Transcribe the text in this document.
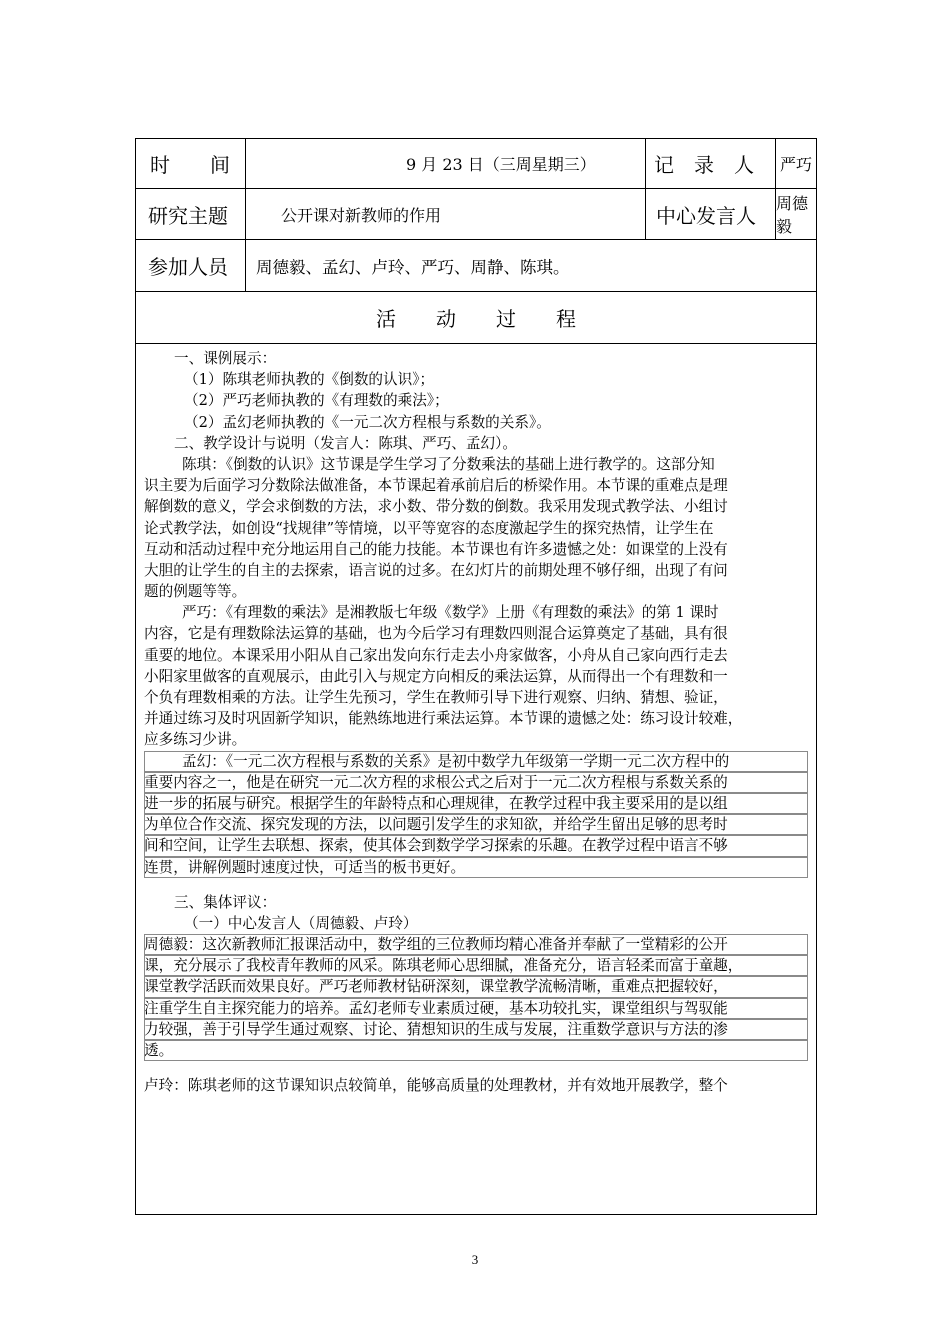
时　　间	9 月 23 日（三周星期三）	记　录　人	严巧
研究主题	公开课对新教师的作用	中心发言人	周德毅
参加人员	周德毅、孟幻、卢玲、严巧、周静、陈琪。
活动过程
一、课例展示：
（1）陈琪老师执教的《倒数的认识》；
（2）严巧老师执教的《有理数的乘法》；
（2）孟幻老师执教的《一元二次方程根与系数的关系》。
二、教学设计与说明（发言人：陈琪、严巧、孟幻）。
陈琪：《倒数的认识》这节课是学生学习了分数乘法的基础上进行教学的。这部分知
识主要为后面学习分数除法做准备，本节课起着承前启后的桥梁作用。本节课的重难点是理
解倒数的意义，学会求倒数的方法，求小数、带分数的倒数。我采用发现式教学法、小组讨
论式教学法，如创设“找规律”等情境，以平等宽容的态度激起学生的探究热情，让学生在
互动和活动过程中充分地运用自己的能力技能。本节课也有许多遗憾之处：如课堂的上没有
大胆的让学生的自主的去探索，语言说的过多。在幻灯片的前期处理不够仔细，出现了有问
题的例题等等。
严巧：《有理数的乘法》是湘教版七年级《数学》上册《有理数的乘法》的第 1 课时
内容，它是有理数除法运算的基础，也为今后学习有理数四则混合运算奠定了基础，具有很
重要的地位。本课采用小阳从自己家出发向东行走去小舟家做客，小舟从自己家向西行走去
小阳家里做客的直观展示，由此引入与规定方向相反的乘法运算，从而得出一个有理数和一
个负有理数相乘的方法。让学生先预习，学生在教师引导下进行观察、归纳、猜想、验证，
并通过练习及时巩固新学知识，能熟练地进行乘法运算。本节课的遗憾之处：练习设计较难，
应多练习少讲。
孟幻：《一元二次方程根与系数的关系》是初中数学九年级第一学期一元二次方程中的
重要内容之一，他是在研究一元二次方程的求根公式之后对于一元二次方程根与系数关系的
进一步的拓展与研究。根据学生的年龄特点和心理规律，在教学过程中我主要采用的是以组
为单位合作交流、探究发现的方法，以问题引发学生的求知欲，并给学生留出足够的思考时
间和空间，让学生去联想、探索，使其体会到数学学习探索的乐趣。在教学过程中语言不够
连贯，讲解例题时速度过快，可适当的板书更好。
三、集体评议：
（一）中心发言人（周德毅、卢玲）
周德毅：这次新教师汇报课活动中，数学组的三位教师均精心准备并奉献了一堂精彩的公开
课，充分展示了我校青年教师的风采。陈琪老师心思细腻，准备充分，语言轻柔而富于童趣，
课堂教学活跃而效果良好。严巧老师教材钻研深刻，课堂教学流畅清晰，重难点把握较好，
注重学生自主探究能力的培养。孟幻老师专业素质过硬，基本功较扎实，课堂组织与驾驭能
力较强，善于引导学生通过观察、讨论、猜想知识的生成与发展，注重数学意识与方法的渗
透。
卢玲：陈琪老师的这节课知识点较简单，能够高质量的处理教材，并有效地开展教学，整个
3
